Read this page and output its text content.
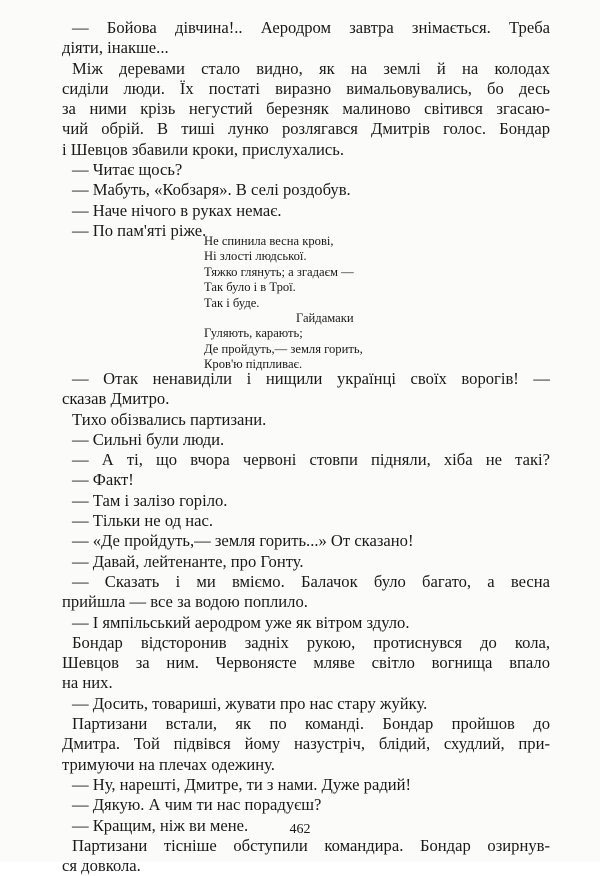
— Бойова дівчина!.. Аеродром завтра знімається. Треба
діяти, інакше...
Між деревами стало видно, як на землі й на колодах
сиділи люди. Їх постаті виразно вимальовувались, бо десь
за ними крізь негустий березняк малиново світився згасаю-
чий обрій. В тиші лунко розлягався Дмитрів голос. Бондар
і Шевцов збавили кроки, прислухались.
— Читає щось?
— Мабуть, «Кобзаря». В селі роздобув.
— Наче нічого в руках немає.
— По пам'яті ріже.
Не спинила весна крові,
Ні злості людської.
Тяжко глянуть; а згадаєм —
Так було і в Трої.
Так і буде.
Гайдамаки
Гуляють, карають;
Де пройдуть,— земля горить,
Кров'ю підпливає.
— Отак ненавиділи і нищили українці своїх ворогів! —
сказав Дмитро.
Тихо обізвались партизани.
— Сильні були люди.
— А ті, що вчора червоні стовпи підняли, хіба не такі?
— Факт!
— Там і залізо горіло.
— Тільки не од нас.
— «Де пройдуть,— земля горить...» От сказано!
— Давай, лейтенанте, про Гонту.
— Сказать і ми вміємо. Балачок було багато, а весна
прийшла — все за водою поплило.
— І ямпільський аеродром уже як вітром здуло.
Бондар відсторонив задніх рукою, протиснувся до кола,
Шевцов за ним. Червонясте мляве світло вогнища впало
на них.
— Досить, товариші, жувати про нас стару жуйку.
Партизани встали, як по команді. Бондар пройшов до
Дмитра. Той підвівся йому назустріч, блідий, схудлий, при-
тримуючи на плечах одежину.
— Ну, нарешті, Дмитре, ти з нами. Дуже радий!
— Дякую. А чим ти нас порадуєш?
— Кращим, ніж ви мене.
Партизани тісніше обступили командира. Бондар озирнув-
ся довкола.
462
